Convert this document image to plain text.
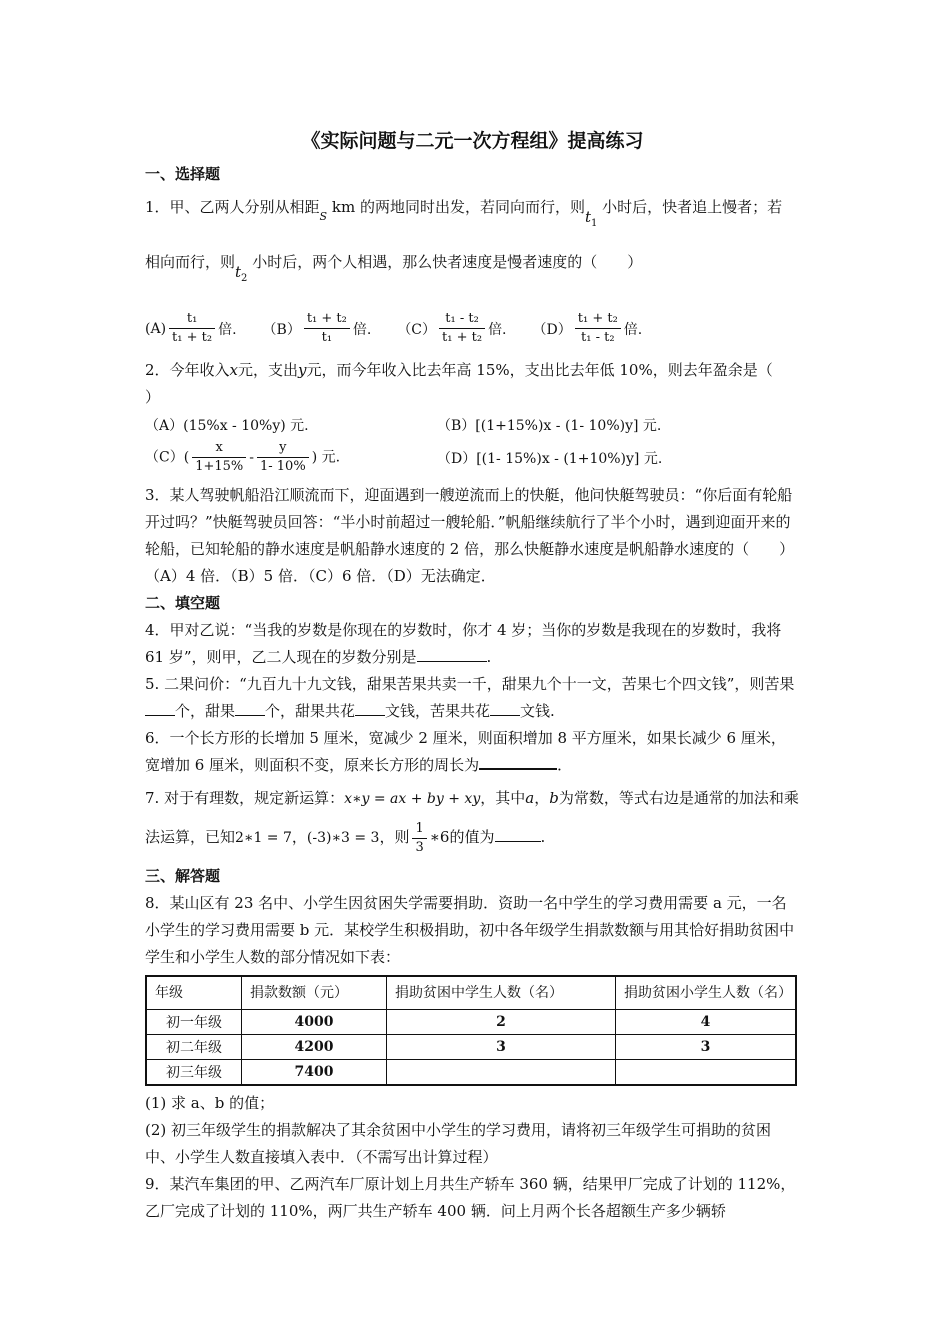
《实际问题与二元一次方程组》提高练习
一、选择题

1．甲、乙两人分别从相距$_S$ km 的两地同时出发，若同向而行，则$t_1$ 小时后，快者追上慢者；若
相向而行，则$t_2$ 小时后，两个人相遇，那么快者速度是慢者速度的（　　）

$(A) \frac{\text{t₁}}{\text{t₁ + t₂}}$ 倍. $(B) \frac{\text{t₁ + t₂}}{\text{t₁}}$ 倍. $(C) \frac{\text{t₁ - t₂}}{\text{t₁ + t₂}}$ 倍. $(D) \frac{\text{t₁ + t₂}}{\text{t₁ - t₂}}$ 倍.

2．今年收入x元，支出y元，而今年收入比去年高 15%，支出比去年低 10%，则去年盈余是（
）

（A）(15%x - 10%y) 元.	（B）[(1+15%)x - (1- 10%)y] 元.
$(C)( \frac{x}{1+15\%} - \frac{y}{1- 10\%}$ ) 元.	（D）[(1- 15%)x - (1+10%)y] 元.

3．某人驾驶帆船沿江顺流而下，迎面遇到一艘逆流而上的快艇，他问快艇驾驶员：“你后面有轮船开过吗？”快艇驾驶员回答：“半小时前超过一艘轮船．”帆船继续航行了半个小时，遇到迎面开来的轮船，已知轮船的静水速度是帆船静水速度的 2 倍，那么快艇静水速度是帆船静水速度的（　　）

（A）4 倍．（B）5 倍．（C）6 倍．（D）无法确定．

二、填空题

4．甲对乙说：“当我的岁数是你现在的岁数时，你才 4 岁；当你的岁数是我现在的岁数时，我将 61 岁”，则甲，乙二人现在的岁数分别是	.

5. 二果问价：“九百九十九文钱，甜果苦果共卖一千，甜果九个十一文，苦果七个四文钱”，则苦果个，甜果 个，甜果共花 文钱，苦果共花 文钱.

6．一个长方形的长增加 5 厘米，宽减少 2 厘米，则面积增加 8 平方厘米，如果长减少 6 厘米，宽增加 6 厘米，则面积不变，原来长方形的周长为	．

7. 对于有理数，规定新运算：x∗y = ax + by + xy，其中a，b为常数，等式右边是通常的加法和乘法运算，已知2∗1 = 7，(-3)∗3 = 3，则 $\frac{1}{3}$ ∗6的值为	.

三、解答题

8．某山区有 23 名中、小学生因贫困失学需要捐助．资助一名中学生的学习费用需要 a 元，一名小学生的学习费用需要 b 元．某校学生积极捐助，初中各年级学生捐款数额与用其恰好捐助贫困中学生和小学生人数的部分情况如下表：

年级	捐款数额（元）	捐助贫困中学生人数（名）	捐助贫困小学生人数（名）
初一年级	4000	2	4
初二年级	4200	3	3
初三年级	7400		

(1) 求 a、b 的值；

(2) 初三年级学生的捐款解决了其余贫困中小学生的学习费用，请将初三年级学生可捐助的贫困中、小学生人数直接填入表中．（不需写出计算过程）

9．某汽车集团的甲、乙两汽车厂原计划上月共生产轿车 360 辆，结果甲厂完成了计划的 112%，乙厂完成了计划的 110%，两厂共生产轿车 400 辆．问上月两个长各超额生产多少辆轿
